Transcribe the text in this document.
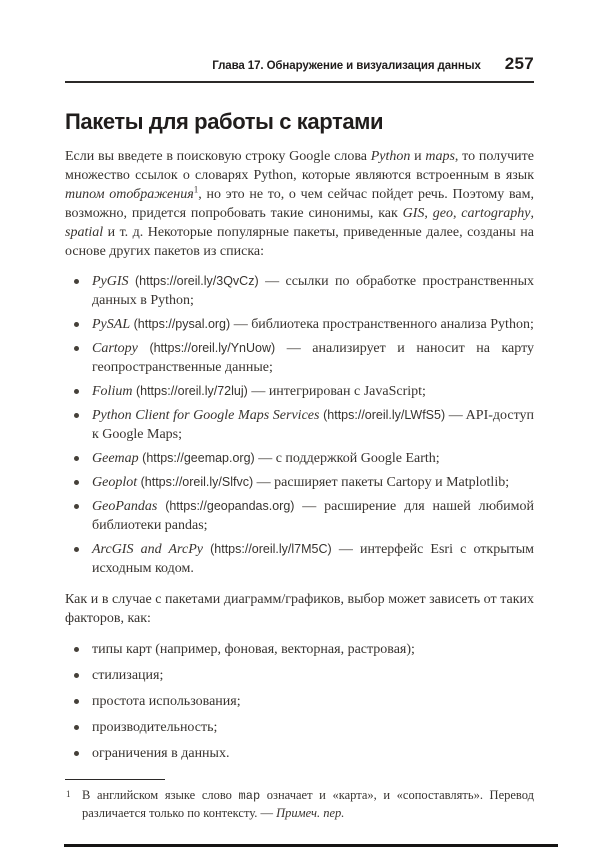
Глава 17. Обнаружение и визуализация данных 257
Пакеты для работы с картами

Если вы введете в поисковую строку Google слова Python и maps, то получите множество ссылок о словарях Python, которые являются встроенным в язык типом отображения$^1$, но это не то, о чем сейчас пойдет речь. Поэтому вам, возможно, придется попробовать такие синонимы, как GIS, geo, cartography, spatial и т. д. Некоторые популярные пакеты, приведенные далее, созданы на основе других пакетов из списка:

PyGIS (https://oreil.ly/3QvCz) — ссылки по обработке пространственных данных в Python;
PySAL (https://pysal.org) — библиотека пространственного анализа Python;
Cartopy (https://oreil.ly/YnUow) — анализирует и наносит на карту геопространственные данные;
Folium (https://oreil.ly/72luj) — интегрирован с JavaScript;
Python Client for Google Maps Services (https://oreil.ly/LWfS5) — API-доступ к Google Maps;
Geemap (https://geemap.org) — с поддержкой Google Earth;
Geoplot (https://oreil.ly/Slfvc) — расширяет пакеты Cartopy и Matplotlib;
GeoPandas (https://geopandas.org) — расширение для нашей любимой библиотеки pandas;
ArcGIS and ArcPy (https://oreil.ly/l7M5C) — интерфейс Esri с открытым исходным кодом.

Как и в случае с пакетами диаграмм/графиков, выбор может зависеть от таких факторов, как:

типы карт (например, фоновая, векторная, растровая);
стилизация;
простота использования;
производительность;
ограничения в данных.
1 В английском языке слово map означает и «карта», и «сопоставлять». Перевод различается только по контексту. — Примеч. пер.
